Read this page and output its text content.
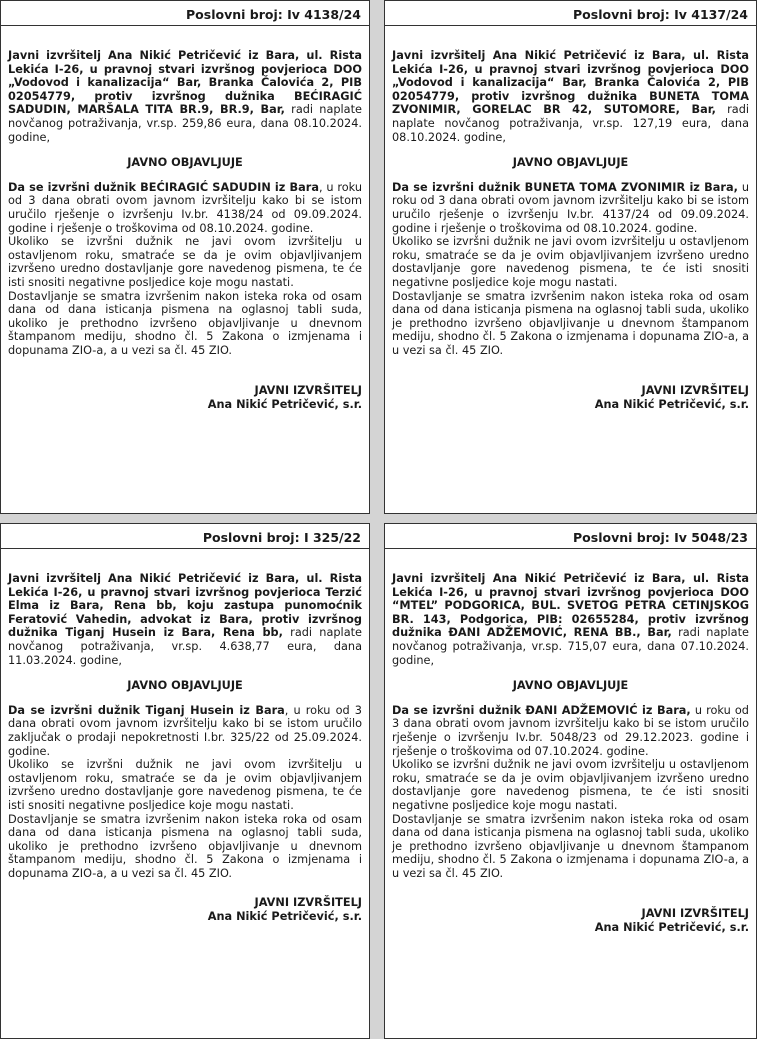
Poslovni broj: Iv 4138/24

Javni izvršitelj Ana Nikić Petričević iz Bara, ul. Rista Lekića I-26, u pravnoj stvari izvršnog povjerioca DOO „Vodovod i kanalizacija“ Bar, Branka Čalovića 2, PIB 02054779, protiv izvršnog dužnika BEĆIRAGIĆ SADUDIN, MARŠALA TITA BR.9, BR.9, Bar, radi naplate novčanog potraživanja, vr.sp. 259,86 eura, dana 08.10.2024. godine,

JAVNO OBJAVLJUJE

Da se izvršni dužnik BEĆIRAGIĆ SADUDIN iz Bara, u roku od 3 dana obrati ovom javnom izvršitelju kako bi se istom uručilo rješenje o izvršenju Iv.br. 4138/24 od 09.09.2024. godine i rješenje o troškovima od 08.10.2024. godine.

Ukoliko se izvršni dužnik ne javi ovom izvršitelju u ostavljenom roku, smatraće se da je ovim objavljivanjem izvršeno uredno dostavljanje gore navedenog pismena, te će isti snositi negativne posljedice koje mogu nastati.

Dostavljanje se smatra izvršenim nakon isteka roka od osam dana od dana isticanja pismena na oglasnoj tabli suda, ukoliko je prethodno izvršeno objavljivanje u dnevnom štampanom mediju, shodno čl. 5 Zakona o izmjenama i dopunama ZIO-a, a u vezi sa čl. 45 ZIO.

JAVNI IZVRŠITELJ
Ana Nikić Petričević, s.r.
Poslovni broj: Iv 4137/24

Javni izvršitelj Ana Nikić Petričević iz Bara, ul. Rista Lekića I-26, u pravnoj stvari izvršnog povjerioca DOO „Vodovod i kanalizacija“ Bar, Branka Čalovića 2, PIB 02054779, protiv izvršnog dužnika BUNETA TOMA ZVONIMIR, GORELAC BR 42, SUTOMORE, Bar, radi naplate novčanog potraživanja, vr.sp. 127,19 eura, dana 08.10.2024. godine,

JAVNO OBJAVLJUJE

Da se izvršni dužnik BUNETA TOMA ZVONIMIR iz Bara, u roku od 3 dana obrati ovom javnom izvršitelju kako bi se istom uručilo rješenje o izvršenju Iv.br. 4137/24 od 09.09.2024. godine i rješenje o troškovima od 08.10.2024. godine.

Ukoliko se izvršni dužnik ne javi ovom izvršitelju u ostavljenom roku, smatraće se da je ovim objavljivanjem izvršeno uredno dostavljanje gore navedenog pismena, te će isti snositi negativne posljedice koje mogu nastati.

Dostavljanje se smatra izvršenim nakon isteka roka od osam dana od dana isticanja pismena na oglasnoj tabli suda, ukoliko je prethodno izvršeno objavljivanje u dnevnom štampanom mediju, shodno čl. 5 Zakona o izmjenama i dopunama ZIO-a, a u vezi sa čl. 45 ZIO.

JAVNI IZVRŠITELJ
Ana Nikić Petričević, s.r.
Poslovni broj: I 325/22

Javni izvršitelj Ana Nikić Petričević iz Bara, ul. Rista Lekića I-26, u pravnoj stvari izvršnog povjerioca Terzić Elma iz Bara, Rena bb, koju zastupa punomoćnik Feratović Vahedin, advokat iz Bara, protiv izvršnog dužnika Tiganj Husein iz Bara, Rena bb, radi naplate novčanog potraživanja, vr.sp. 4.638,77 eura, dana 11.03.2024. godine,

JAVNO OBJAVLJUJE

Da se izvršni dužnik Tiganj Husein iz Bara, u roku od 3 dana obrati ovom javnom izvršitelju kako bi se istom uručilo zaključak o prodaji nepokretnosti I.br. 325/22 od 25.09.2024. godine.

Ukoliko se izvršni dužnik ne javi ovom izvršitelju u ostavljenom roku, smatraće se da je ovim objavljivanjem izvršeno uredno dostavljanje gore navedenog pismena, te će isti snositi negativne posljedice koje mogu nastati.

Dostavljanje se smatra izvršenim nakon isteka roka od osam dana od dana isticanja pismena na oglasnoj tabli suda, ukoliko je prethodno izvršeno objavljivanje u dnevnom štampanom mediju, shodno čl. 5 Zakona o izmjenama i dopunama ZIO-a, a u vezi sa čl. 45 ZIO.

JAVNI IZVRŠITELJ
Ana Nikić Petričević, s.r.
Poslovni broj: Iv 5048/23

Javni izvršitelj Ana Nikić Petričević iz Bara, ul. Rista Lekića I-26, u pravnoj stvari izvršnog povjerioca DOO “MTEL” PODGORICA, BUL. SVETOG PETRA CETINJSKOG BR. 143, Podgorica, PIB: 02655284, protiv izvršnog dužnika ĐANI ADŽEMOVIĆ, RENA BB., Bar, radi naplate novčanog potraživanja, vr.sp. 715,07 eura, dana 07.10.2024. godine,

JAVNO OBJAVLJUJE

Da se izvršni dužnik ĐANI ADŽEMOVIĆ iz Bara, u roku od 3 dana obrati ovom javnom izvršitelju kako bi se istom uručilo rješenje o izvršenju Iv.br. 5048/23 od 29.12.2023. godine i rješenje o troškovima od 07.10.2024. godine.

Ukoliko se izvršni dužnik ne javi ovom izvršitelju u ostavljenom roku, smatraće se da je ovim objavljivanjem izvršeno uredno dostavljanje gore navedenog pismena, te će isti snositi negativne posljedice koje mogu nastati.

Dostavljanje se smatra izvršenim nakon isteka roka od osam dana od dana isticanja pismena na oglasnoj tabli suda, ukoliko je prethodno izvršeno objavljivanje u dnevnom štampanom mediju, shodno čl. 5 Zakona o izmjenama i dopunama ZIO-a, a u vezi sa čl. 45 ZIO.

JAVNI IZVRŠITELJ
Ana Nikić Petričević, s.r.
